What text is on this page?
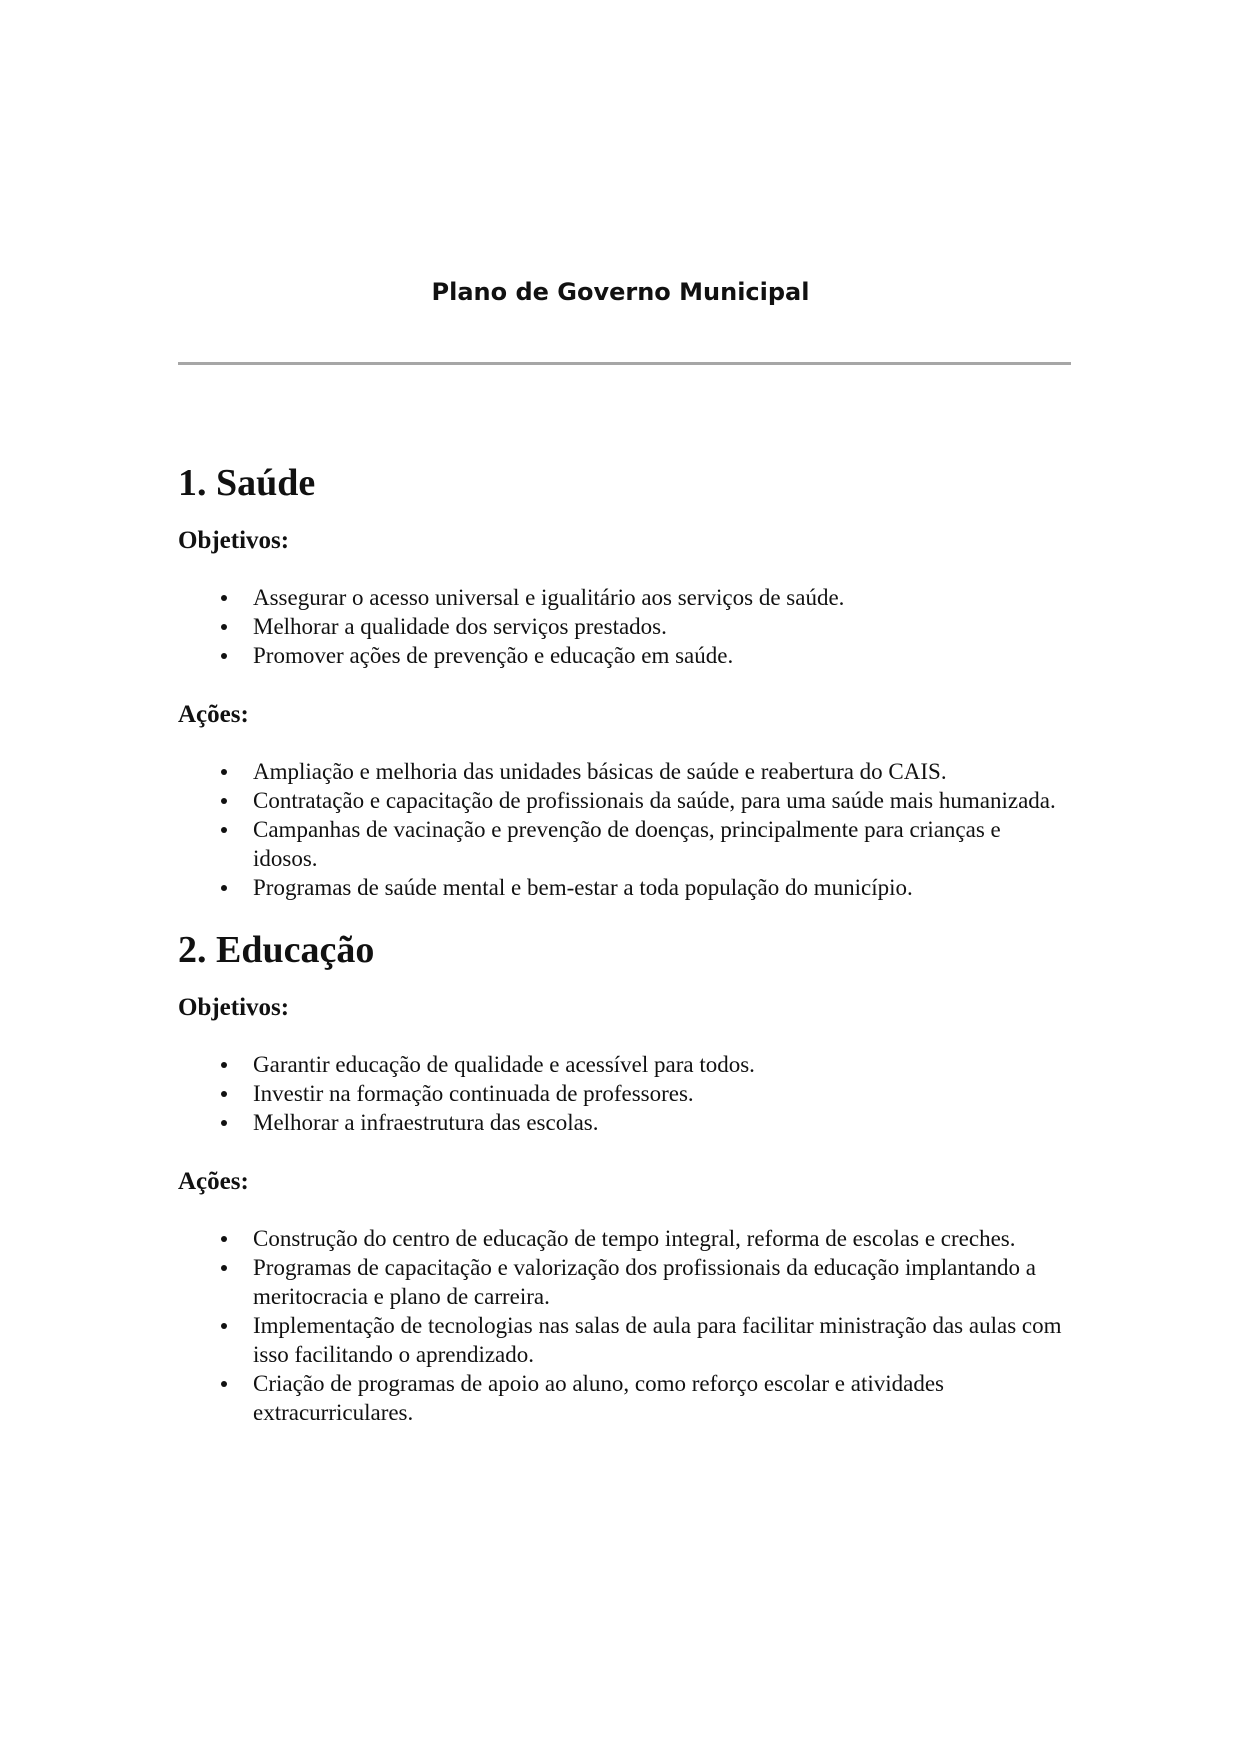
Plano de Governo Municipal
1. Saúde
Objetivos:
Assegurar o acesso universal e igualitário aos serviços de saúde.
Melhorar a qualidade dos serviços prestados.
Promover ações de prevenção e educação em saúde.
Ações:
Ampliação e melhoria das unidades básicas de saúde e reabertura do CAIS.
Contratação e capacitação de profissionais da saúde, para uma saúde mais humanizada.
Campanhas de vacinação e prevenção de doenças, principalmente para crianças e idosos.
Programas de saúde mental e bem-estar a toda população do município.
2. Educação
Objetivos:
Garantir educação de qualidade e acessível para todos.
Investir na formação continuada de professores.
Melhorar a infraestrutura das escolas.
Ações:
Construção do centro de educação de tempo integral, reforma de escolas e creches.
Programas de capacitação e valorização dos profissionais da educação implantando a meritocracia e plano de carreira.
Implementação de tecnologias nas salas de aula para facilitar ministração das aulas com isso facilitando o aprendizado.
Criação de programas de apoio ao aluno, como reforço escolar e atividades extracurriculares.
